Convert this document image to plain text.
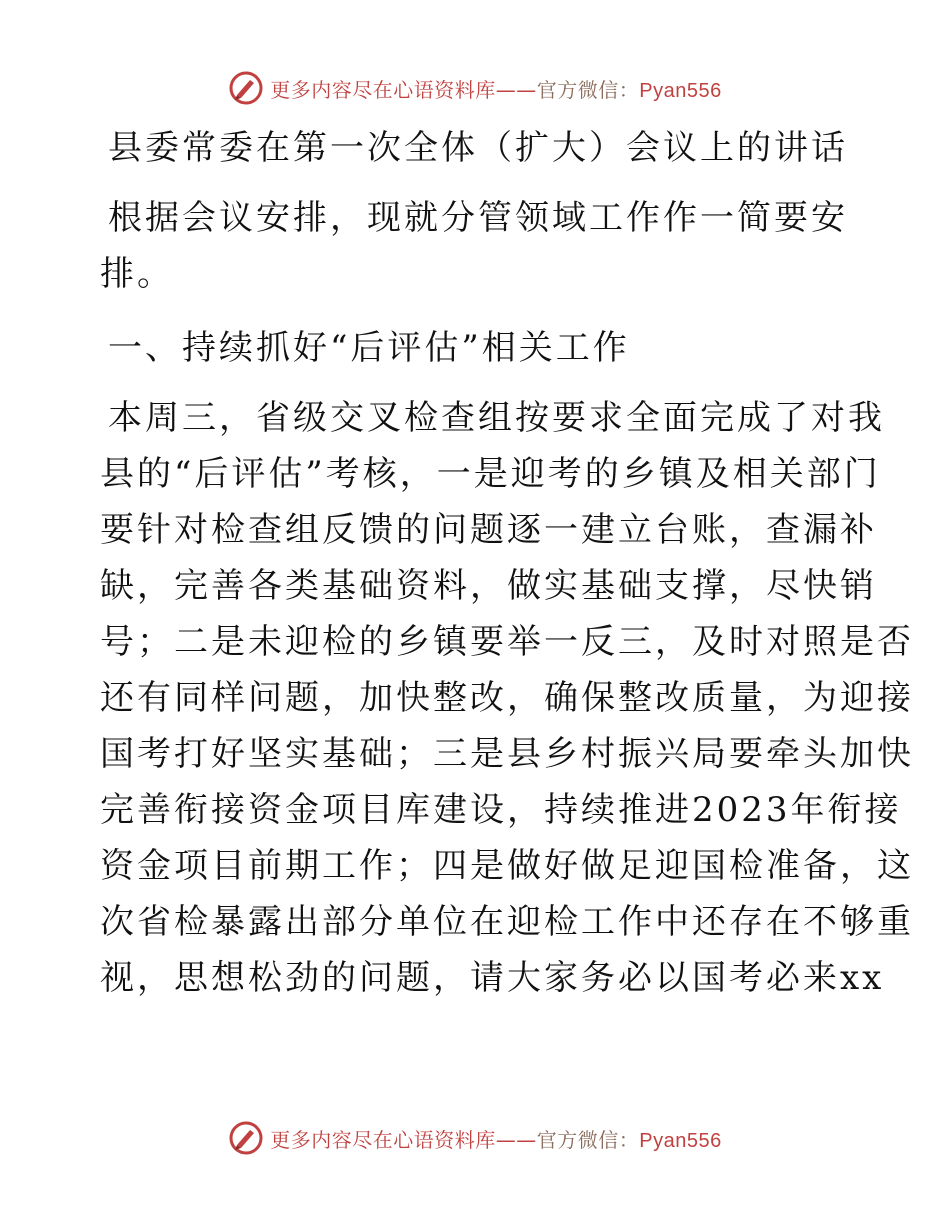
更多内容尽在心语资料库——官方微信：Pyan556
县委常委在第一次全体（扩大）会议上的讲话
根据会议安排，现就分管领域工作作一简要安
排。
一、持续抓好“后评估”相关工作
本周三，省级交叉检查组按要求全面完成了对我
县的“后评估”考核，一是迎考的乡镇及相关部门
要针对检查组反馈的问题逐一建立台账，查漏补
缺，完善各类基础资料，做实基础支撑，尽快销
号；二是未迎检的乡镇要举一反三，及时对照是否
还有同样问题，加快整改，确保整改质量，为迎接
国考打好坚实基础；三是县乡村振兴局要牵头加快
完善衔接资金项目库建设，持续推进2023年衔接
资金项目前期工作；四是做好做足迎国检准备，这
次省检暴露出部分单位在迎检工作中还存在不够重
视，思想松劲的问题，请大家务必以国考必来xx
更多内容尽在心语资料库——官方微信：Pyan556
